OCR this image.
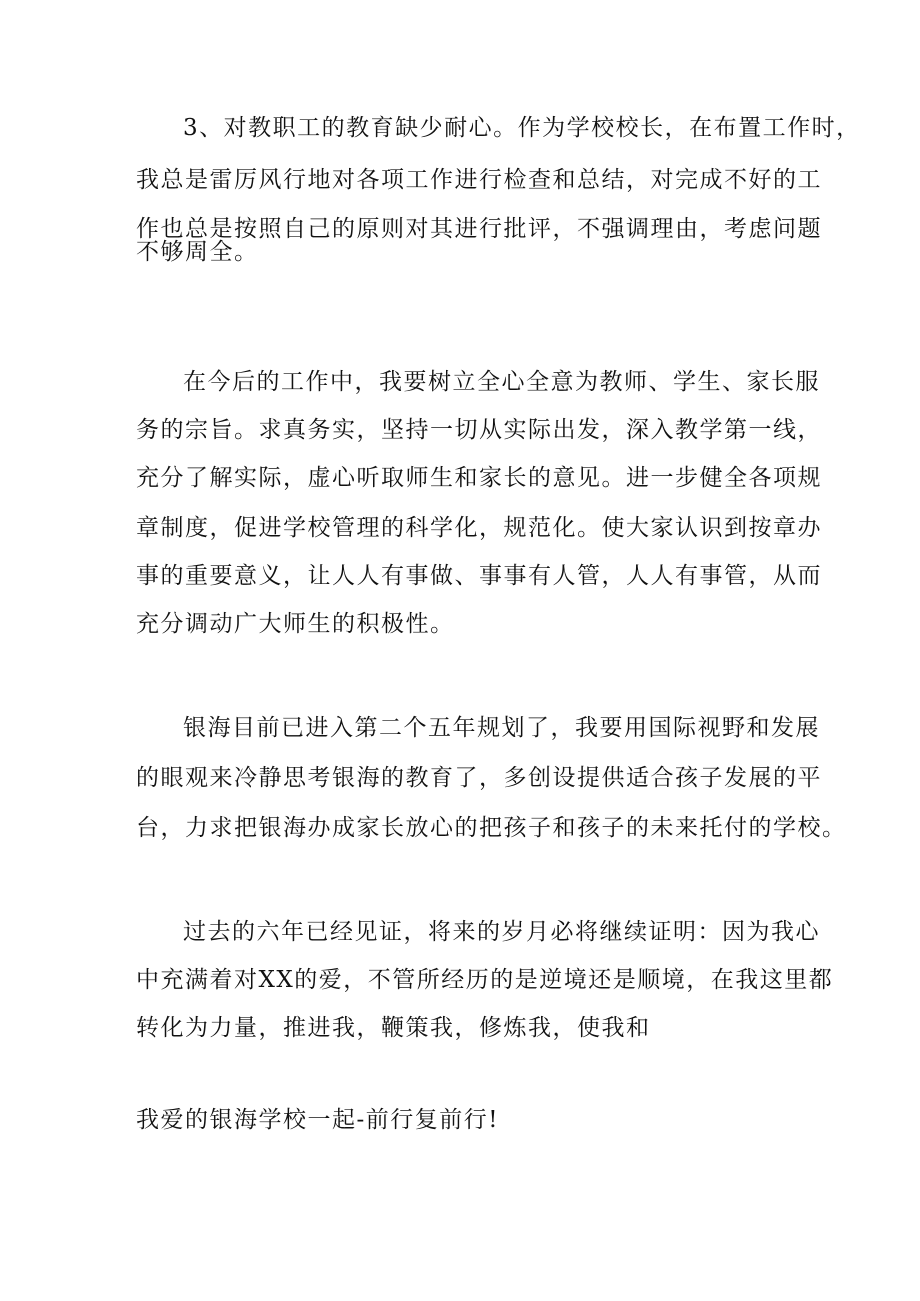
3、对教职工的教育缺少耐心。作为学校校长，在布置工作时，
我总是雷厉风行地对各项工作进行检查和总结，对完成不好的工
作也总是按照自己的原则对其进行批评，不强调理由，考虑问题
不够周全。
在今后的工作中，我要树立全心全意为教师、学生、家长服
务的宗旨。求真务实，坚持一切从实际出发，深入教学第一线，
充分了解实际，虚心听取师生和家长的意见。进一步健全各项规
章制度，促进学校管理的科学化，规范化。使大家认识到按章办
事的重要意义，让人人有事做、事事有人管，人人有事管，从而
充分调动广大师生的积极性。
银海目前已进入第二个五年规划了，我要用国际视野和发展
的眼观来冷静思考银海的教育了，多创设提供适合孩子发展的平
台，力求把银海办成家长放心的把孩子和孩子的未来托付的学校。
过去的六年已经见证，将来的岁月必将继续证明：因为我心
中充满着对XX的爱，不管所经历的是逆境还是顺境，在我这里都
转化为力量，推进我，鞭策我，修炼我，使我和
我爱的银海学校一起-前行复前行!
